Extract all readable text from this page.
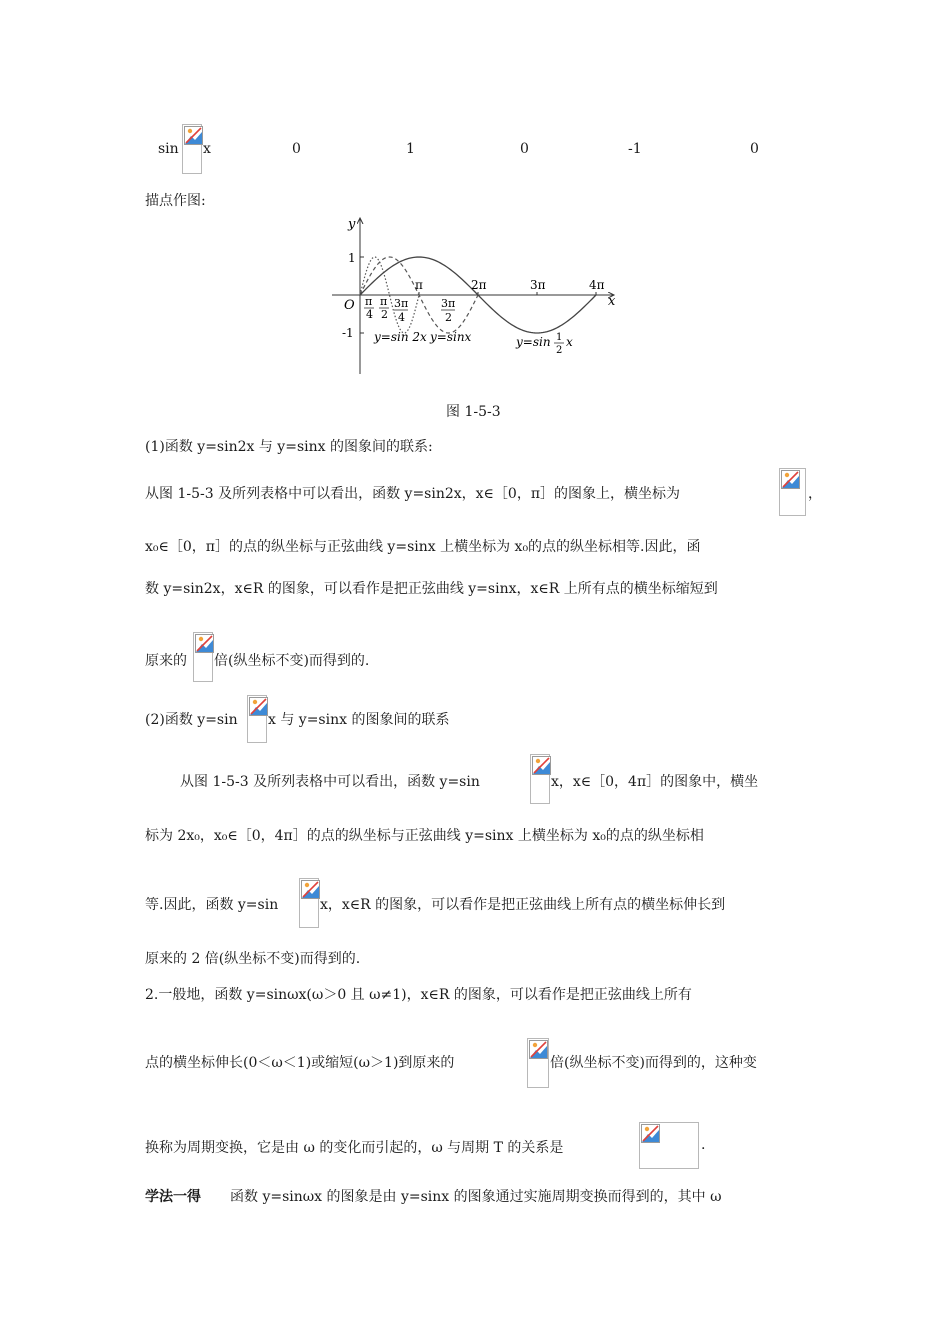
sin x	0	1	0	-1	0
描点作图:
y
x
O
1
-1
π	2π	3π	4π
π
4
π
2
3π
4
3π
2
y=sin 2x y=sinx	y=sin 1
2
x
图 1-5-3
(1)函数 y=sin2x 与 y=sinx 的图象间的联系:
从图 1-5-3 及所列表格中可以看出，函数 y=sin2x，x∈［0，π］的图象上，横坐标为	，
x₀∈［0，π］的点的纵坐标与正弦曲线 y=sinx 上横坐标为 x₀的点的纵坐标相等.因此，函
数 y=sin2x，x∈R 的图象，可以看作是把正弦曲线 y=sinx，x∈R 上所有点的横坐标缩短到
原来的 倍(纵坐标不变)而得到的.
(2)函数 y=sin x 与 y=sinx 的图象间的联系
从图 1-5-3 及所列表格中可以看出，函数 y=sin	x，x∈［0，4π］的图象中，横坐
标为 2x₀，x₀∈［0，4π］的点的纵坐标与正弦曲线 y=sinx 上横坐标为 x₀的点的纵坐标相
等.因此，函数 y=sin	x，x∈R 的图象，可以看作是把正弦曲线上所有点的横坐标伸长到
原来的 2 倍(纵坐标不变)而得到的.
2.一般地，函数 y=sinωx(ω＞0 且 ω≠1)，x∈R 的图象，可以看作是把正弦曲线上所有
点的横坐标伸长(0＜ω＜1)或缩短(ω＞1)到原来的	倍(纵坐标不变)而得到的，这种变
换称为周期变换，它是由 ω 的变化而引起的，ω 与周期 T 的关系是	.
学法一得 函数 y=sinωx 的图象是由 y=sinx 的图象通过实施周期变换而得到的，其中 ω
